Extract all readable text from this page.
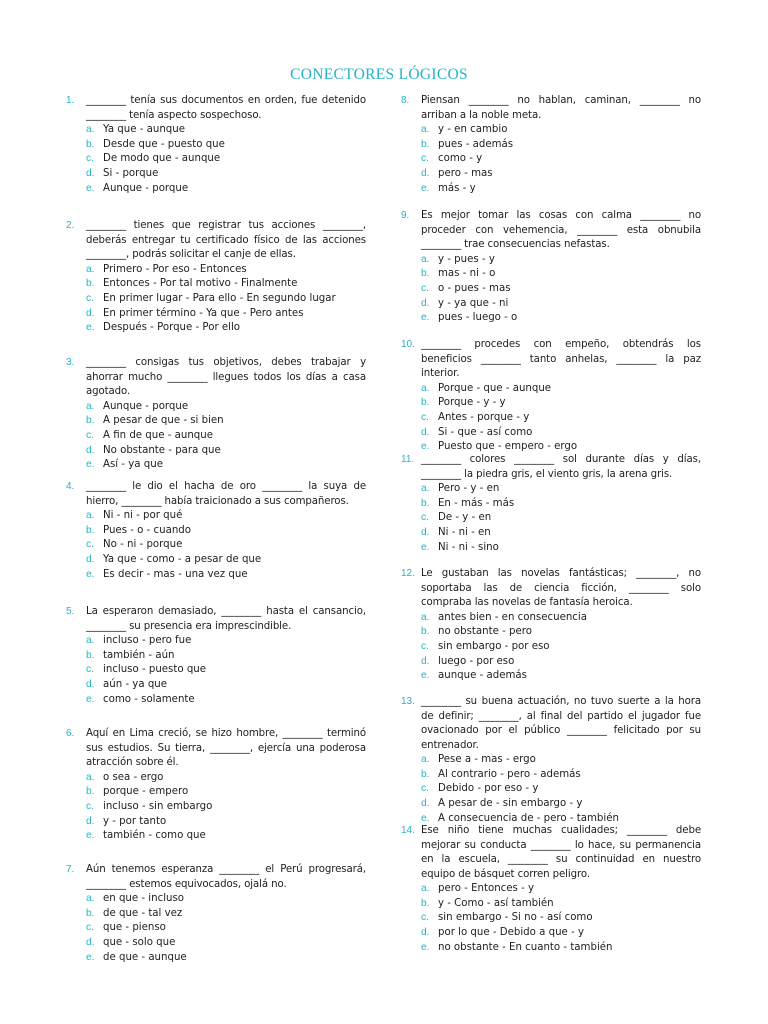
CONECTORES LÓGICOS
1. ________ tenía sus documentos en orden, fue detenido ________ tenía aspecto sospechoso.
a. Ya que - aunque
b. Desde que - puesto que
c. De modo que - aunque
d. Si - porque
e. Aunque - porque
2. ________ tienes que registrar tus acciones ________, deberás entregar tu certificado físico de las acciones ________, podrás solicitar el canje de ellas.
a. Primero - Por eso - Entonces
b. Entonces - Por tal motivo - Finalmente
c. En primer lugar - Para ello - En segundo lugar
d. En primer término - Ya que - Pero antes
e. Después - Porque - Por ello
3. ________ consigas tus objetivos, debes trabajar y ahorrar mucho ________ llegues todos los días a casa agotado.
a. Aunque - porque
b. A pesar de que - si bien
c. A fin de que - aunque
d. No obstante - para que
e. Así - ya que
4. ________ le dio el hacha de oro ________ la suya de hierro, ________ había traicionado a sus compañeros.
a. Ni - ni - por qué
b. Pues - o - cuando
c. No - ni - porque
d. Ya que - como - a pesar de que
e. Es decir - mas - una vez que
5. La esperaron demasiado, ________ hasta el cansancio, ________ su presencia era imprescindible.
a. incluso - pero fue
b. también - aún
c. incluso - puesto que
d. aún - ya que
e. como - solamente
6. Aquí en Lima creció, se hizo hombre, ________ terminó sus estudios. Su tierra, ________, ejercía una poderosa atracción sobre él.
a. o sea - ergo
b. porque - empero
c. incluso - sin embargo
d. y - por tanto
e. también - como que
7. Aún tenemos esperanza ________ el Perú progresará, ________ estemos equivocados, ojalá no.
a. en que - incluso
b. de que - tal vez
c. que - pienso
d. que - solo que
e. de que - aunque
8. Piensan ________ no hablan, caminan, ________ no arriban a la noble meta.
a. y - en cambio
b. pues - además
c. como - y
d. pero - mas
e. más - y
9. Es mejor tomar las cosas con calma ________ no proceder con vehemencia, ________ esta obnubila ________ trae consecuencias nefastas.
a. y - pues - y
b. mas - ni - o
c. o - pues - mas
d. y - ya que - ni
e. pues - luego - o
10. ________ procedes con empeño, obtendrás los beneficios ________ tanto anhelas, ________ la paz interior.
a. Porque - que - aunque
b. Porque - y - y
c. Antes - porque - y
d. Si - que - así como
e. Puesto que - empero - ergo
11. ________ colores ________ sol durante días y días, ________ la piedra gris, el viento gris, la arena gris.
a. Pero - y - en
b. En - más - más
c. De - y - en
d. Ni - ni - en
e. Ni - ni - sino
12. Le gustaban las novelas fantásticas; ________, no soportaba las de ciencia ficción, ________ solo compraba las novelas de fantasía heroica.
a. antes bien - en consecuencia
b. no obstante - pero
c. sin embargo - por eso
d. luego - por eso
e. aunque - además
13. ________ su buena actuación, no tuvo suerte a la hora de definir; ________, al final del partido el jugador fue ovacionado por el público ________ felicitado por su entrenador.
a. Pese a - mas - ergo
b. Al contrario - pero - además
c. Debido - por eso - y
d. A pesar de - sin embargo - y
e. A consecuencia de - pero - también
14. Ese niño tiene muchas cualidades; ________ debe mejorar su conducta ________ lo hace, su permanencia en la escuela, ________ su continuidad en nuestro equipo de básquet corren peligro.
a. pero - Entonces - y
b. y - Como - así también
c. sin embargo - Si no - así como
d. por lo que - Debido a que - y
e. no obstante - En cuanto - también
